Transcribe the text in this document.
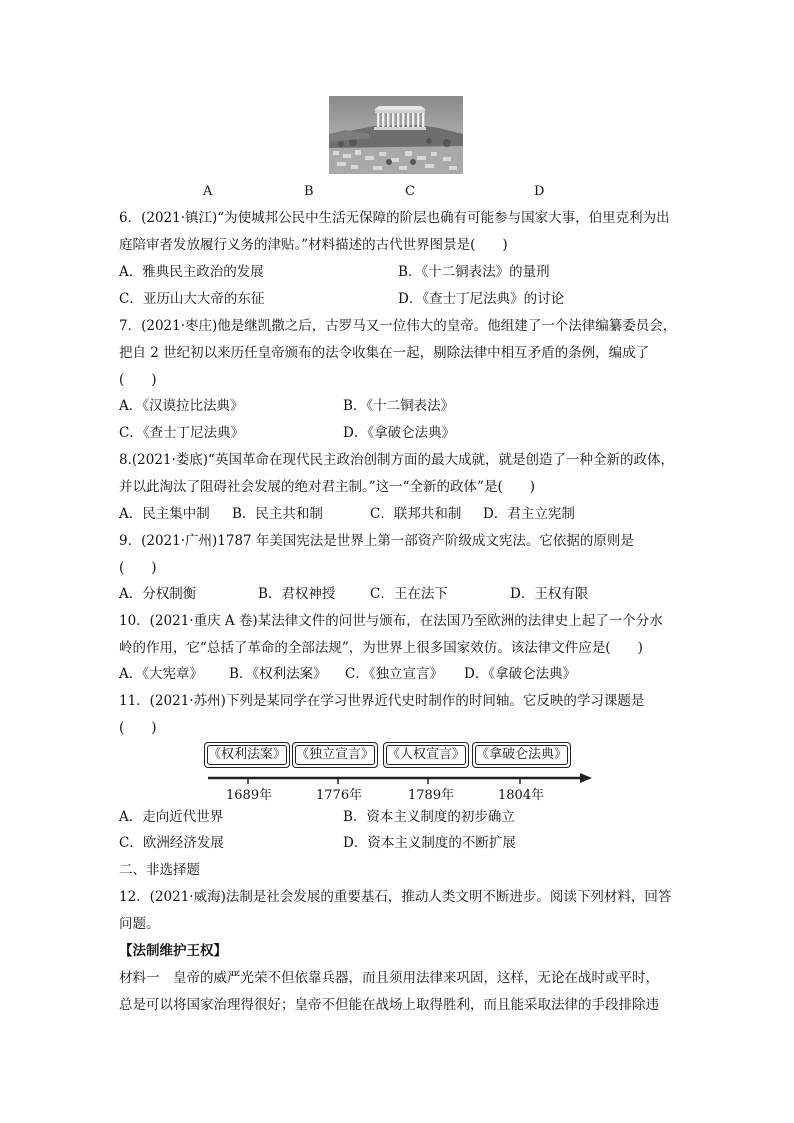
A	B	C	D
6．(2021·镇江)“为使城邦公民中生活无保障的阶层也确有可能参与国家大事，伯里克利为出
庭陪审者发放履行义务的津贴。”材料描述的古代世界图景是(　　)
A．雅典民主政治的发展	B．《十二铜表法》的量刑
C．亚历山大大帝的东征	D．《查士丁尼法典》的讨论
7．(2021·枣庄)他是继凯撒之后，古罗马又一位伟大的皇帝。他组建了一个法律编纂委员会，
把自 2 世纪初以来历任皇帝颁布的法令收集在一起，剔除法律中相互矛盾的条例，编成了
(　　)
A．《汉谟拉比法典》	B．《十二铜表法》
C．《查士丁尼法典》	D．《拿破仑法典》
8.(2021·娄底)“英国革命在现代民主政治创制方面的最大成就，就是创造了一种全新的政体，
并以此淘汰了阻碍社会发展的绝对君主制。”这一“全新的政体”是(　　)
A．民主集中制 B．民主共和制	C．联邦共和制 D．君主立宪制
9．(2021·广州)1787 年美国宪法是世界上第一部资产阶级成文宪法。它依据的原则是
(　　)
A．分权制衡	B．君权神授	C．王在法下	D．王权有限
10．(2021·重庆 A 卷)某法律文件的问世与颁布，在法国乃至欧洲的法律史上起了一个分水
岭的作用，它“总括了革命的全部法规”，为世界上很多国家效仿。该法律文件应是(　　)
A．《大宪章》 B．《权利法案》 C．《独立宣言》 D．《拿破仑法典》
11．(2021·苏州)下列是某同学在学习世界近代史时制作的时间轴。它反映的学习课题是
(　　)
《权利法案》 《独立宣言》 《人权宣言》 《拿破仑法典》
1689年	1776年	1789年	1804年
A．走向近代世界	B．资本主义制度的初步确立
C．欧洲经济发展	D．资本主义制度的不断扩展
二、非选择题
12．(2021·威海)法制是社会发展的重要基石，推动人类文明不断进步。阅读下列材料，回答
问题。
【法制维护王权】
材料一　皇帝的威严光荣不但依靠兵器，而且须用法律来巩固，这样，无论在战时或平时，
总是可以将国家治理得很好；皇帝不但能在战场上取得胜利，而且能采取法律的手段排除违
